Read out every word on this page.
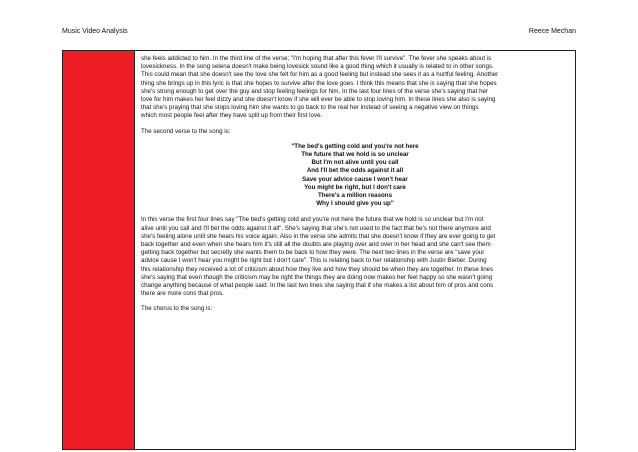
Music Video Analysis	Reece Mechan
she feels addicted to him. In the third line of the verse; "I'm hoping that after this fever I'll survive". The fever she speaks about is
lovesickness. In the song selena doesn't make being lovesick sound like a good thing which it usually is related to in other songs.
This could mean that she doesn't see the love she felt for him as a good feeling but instead she sees it as a hurtful feeling. Another
thing she brings up in this lyric is that she hopes to survive after the love goes. I think this means that she is saying that she hopes
she's strong enough to get over the guy and stop feeling feelings for him. In the last four lines of the verse she's saying that her
love for him makes her feel dizzy and she doesn't know if she will ever be able to stop loving him. In these lines she also is saying
that she's praying that she stops loving him she wants to go back to the real her instead of seeing a negative view on things
which most people feel after they have split up from their first love.

The second verse to the song is:

"The bed's getting cold and you're not here
The future that we hold is so unclear
But I'm not alive until you call
And I'll bet the odds against it all
Save your advice cause I won't hear
You might be right, but I don't care
There's a million reasons
Why I should give you up"
In this verse the first four lines say "The bed's getting cold and you're not here the future that we hold is so unclear but I'm not
alive until you call and I'll bet the odds against it all". She's saying that she's not used to the fact that he's not there anymore and
she's feeling alone until she hears his voice again. Also in the verse she admits that she doesn't know if they are ever going to get
back together and even when she hears him it's still all the doubts are playing over and over in her head and she can't see them
getting back together but secretly she wants them to be back to how they were. The next two lines in the verse are "save your
advice cause I won't hear you might be right but I don't care". This is relating back to her relationship with Justin Bieber. During
this relationship they received a lot of criticism about how they live and how they should be when they are together. In these lines
she's saying that even though the criticism may be right the things they are doing now makes her feel happy so she wasn't going
change anything because of what people said. In the last two lines she saying that if she makes a list about him of pros and cons
there are more cons that pros.

The chorus to the song is:
